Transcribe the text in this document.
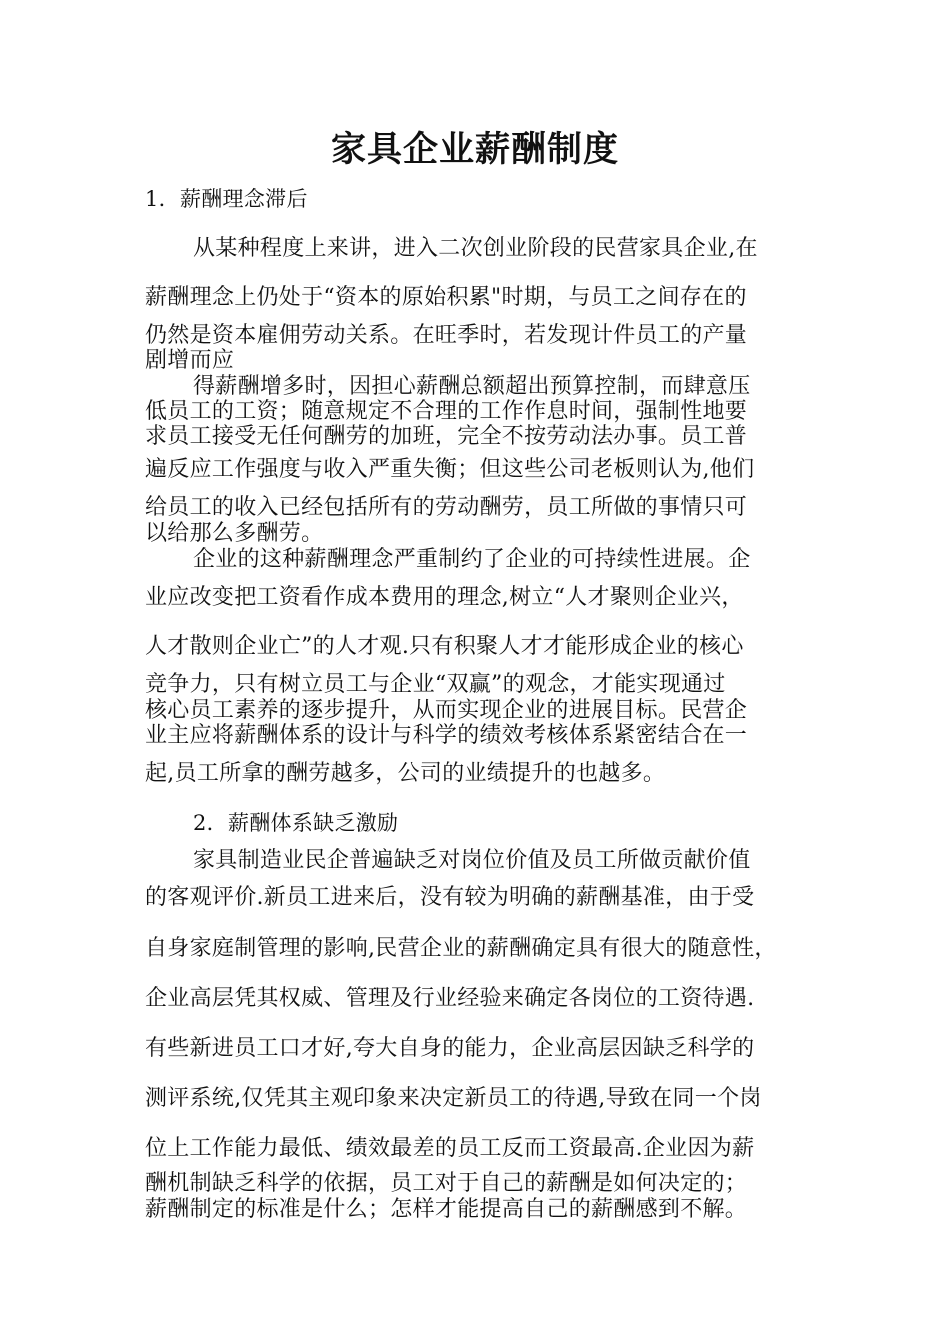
家具企业薪酬制度
1．薪酬理念滞后
从某种程度上来讲，进入二次创业阶段的民营家具企业,在
薪酬理念上仍处于“资本的原始积累"时期，与员工之间存在的
仍然是资本雇佣劳动关系。在旺季时，若发现计件员工的产量
剧增而应
得薪酬增多时，因担心薪酬总额超出预算控制，而肆意压
低员工的工资；随意规定不合理的工作作息时间，强制性地要
求员工接受无任何酬劳的加班，完全不按劳动法办事。员工普
遍反应工作强度与收入严重失衡；但这些公司老板则认为,他们
给员工的收入已经包括所有的劳动酬劳，员工所做的事情只可
以给那么多酬劳。
企业的这种薪酬理念严重制约了企业的可持续性进展。企
业应改变把工资看作成本费用的理念,树立“人才聚则企业兴，
人才散则企业亡”的人才观.只有积聚人才才能形成企业的核心
竞争力，只有树立员工与企业“双赢”的观念，才能实现通过
核心员工素养的逐步提升，从而实现企业的进展目标。民营企
业主应将薪酬体系的设计与科学的绩效考核体系紧密结合在一
起,员工所拿的酬劳越多，公司的业绩提升的也越多。
2．薪酬体系缺乏激励
家具制造业民企普遍缺乏对岗位价值及员工所做贡献价值
的客观评价.新员工进来后，没有较为明确的薪酬基准，由于受
自身家庭制管理的影响,民营企业的薪酬确定具有很大的随意性，
企业高层凭其权威、管理及行业经验来确定各岗位的工资待遇.
有些新进员工口才好,夸大自身的能力，企业高层因缺乏科学的
测评系统,仅凭其主观印象来决定新员工的待遇,导致在同一个岗
位上工作能力最低、绩效最差的员工反而工资最高.企业因为薪
酬机制缺乏科学的依据，员工对于自己的薪酬是如何决定的；
薪酬制定的标准是什么；怎样才能提高自己的薪酬感到不解。
